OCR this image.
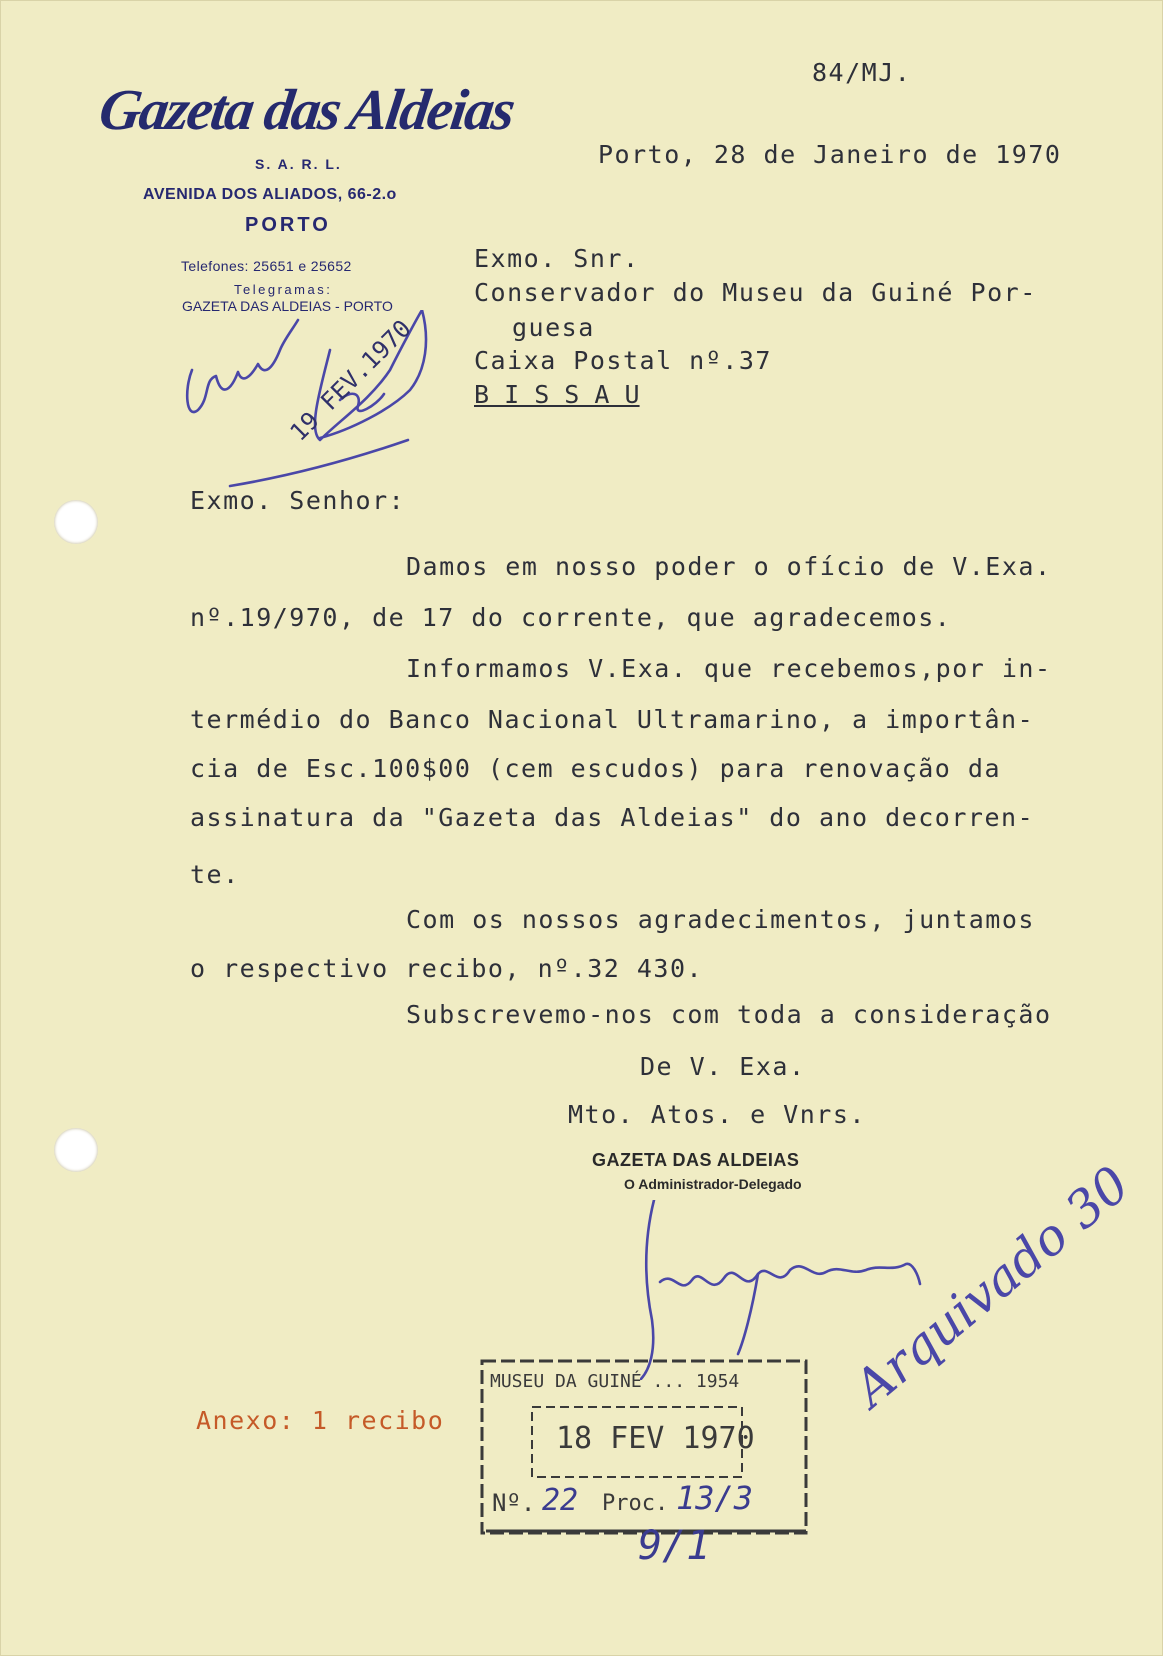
84/MJ.
Gazeta das Aldeias
S. A. R. L.
AVENIDA DOS ALIADOS, 66-2.o
PORTO
Telefones: 25651 e 25652
Telegramas:
GAZETA DAS ALDEIAS - PORTO
Porto, 28 de Janeiro de 1970
Exmo. Snr.
Conservador do Museu da Guiné Por-
guesa
Caixa Postal nº.37
B I S S A U
19 FEV.1970
Exmo. Senhor:
Damos em nosso poder o ofício de V.Exa.
nº.19/970, de 17 do corrente, que agradecemos.
Informamos V.Exa. que recebemos,por in-
termédio do Banco Nacional Ultramarino, a importân-
cia de Esc.100$00 (cem escudos) para renovação da
assinatura da "Gazeta das Aldeias" do ano decorren-
te.
Com os nossos agradecimentos, juntamos
o respectivo recibo, nº.32 430.
Subscrevemo-nos com toda a consideração
De V. Exa.
Mto. Atos. e Vnrs.
GAZETA DAS ALDEIAS
O Administrador-Delegado
Anexo: 1 recibo
MUSEU DA GUINÉ ... 1954
18 FEV 1970
Nº. 22 Proc. 13/3
9/1
Arquivado 30
